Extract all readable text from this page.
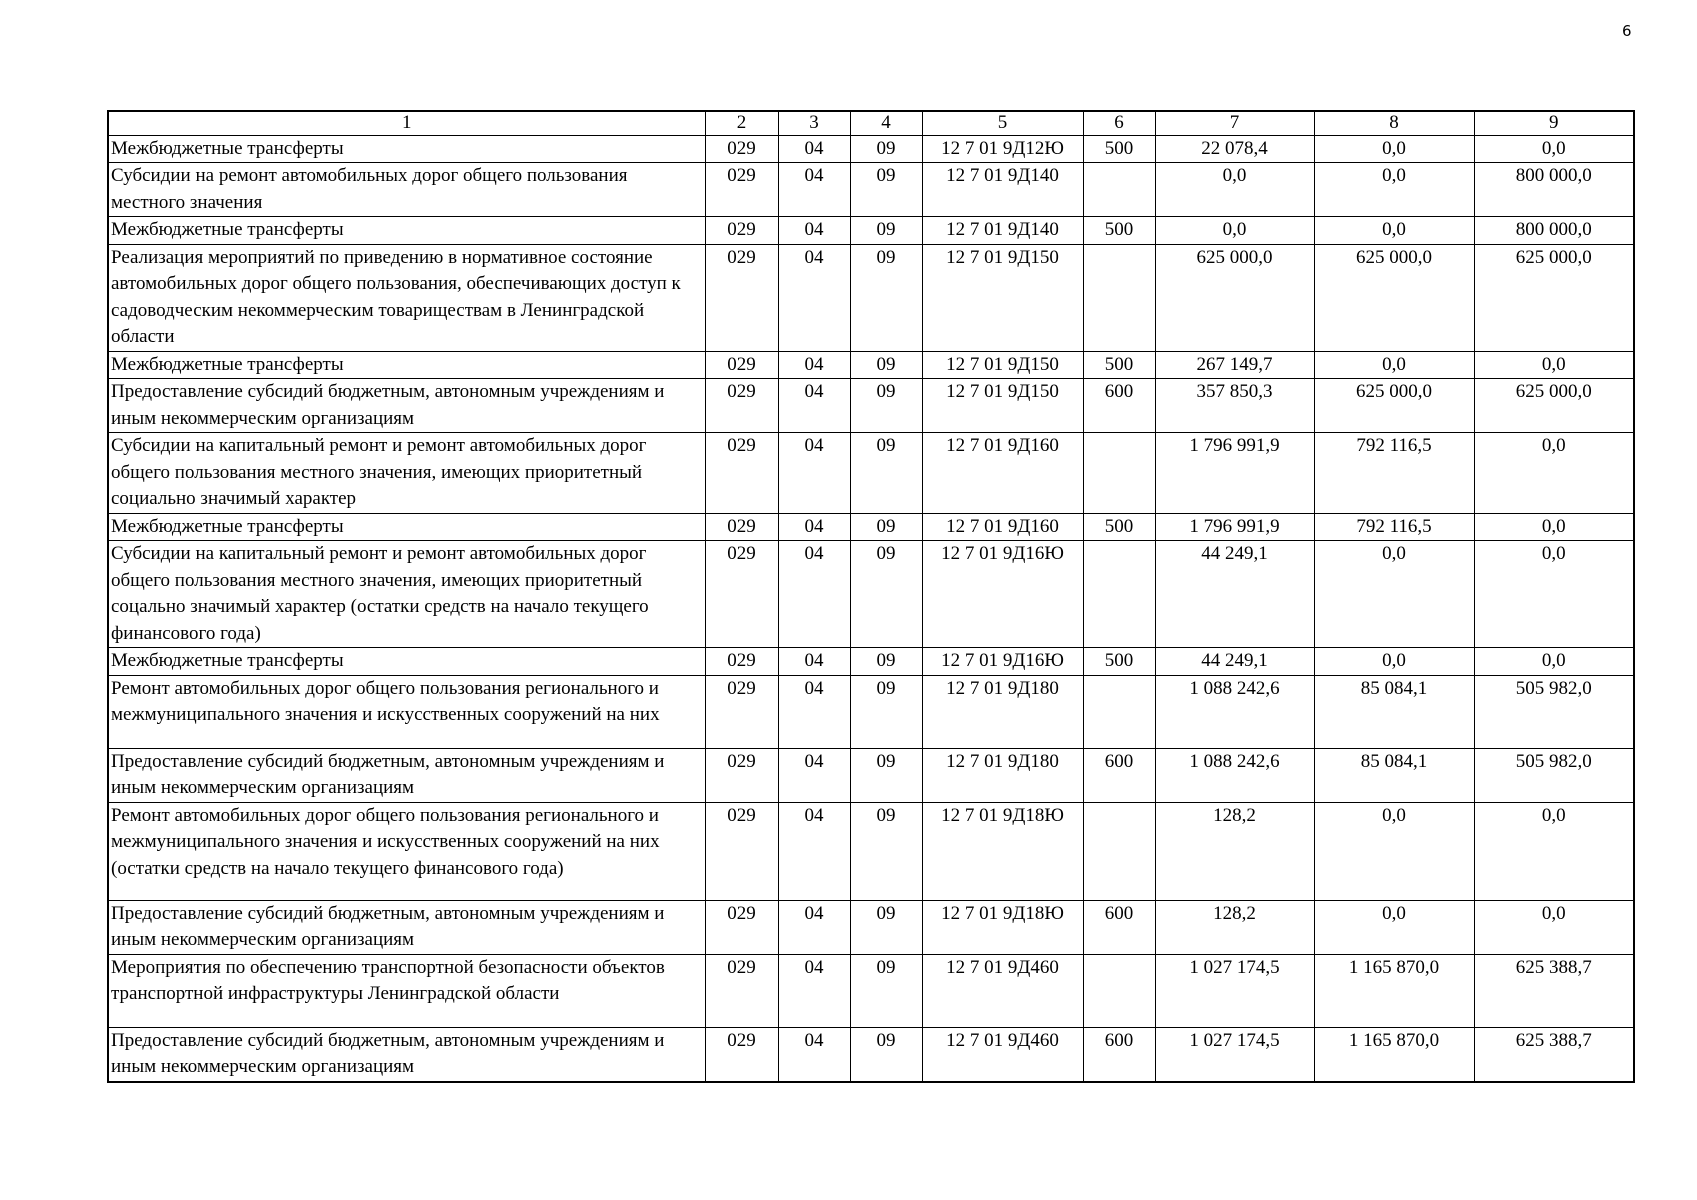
6
1	2	3	4	5	6	7	8	9
Межбюджетные трансферты	029	04	09	12 7 01 9Д12Ю	500	22 078,4	0,0	0,0
Субсидии на ремонт автомобильных дорог общего пользования местного значения	029	04	09	12 7 01 9Д140		0,0	0,0	800 000,0
Межбюджетные трансферты	029	04	09	12 7 01 9Д140	500	0,0	0,0	800 000,0
Реализация мероприятий по приведению в нормативное состояние автомобильных дорог общего пользования, обеспечивающих доступ к садоводческим некоммерческим товариществам в Ленинградской области	029	04	09	12 7 01 9Д150		625 000,0	625 000,0	625 000,0
Межбюджетные трансферты	029	04	09	12 7 01 9Д150	500	267 149,7	0,0	0,0
Предоставление субсидий бюджетным, автономным учреждениям и иным некоммерческим организациям	029	04	09	12 7 01 9Д150	600	357 850,3	625 000,0	625 000,0
Субсидии на капитальный ремонт и ремонт автомобильных дорог общего пользования местного значения, имеющих приоритетный социально значимый характер	029	04	09	12 7 01 9Д160		1 796 991,9	792 116,5	0,0
Межбюджетные трансферты	029	04	09	12 7 01 9Д160	500	1 796 991,9	792 116,5	0,0
Субсидии на капитальный ремонт и ремонт автомобильных дорог общего пользования местного значения, имеющих приоритетный соцально значимый характер (остатки средств на начало текущего финансового года)	029	04	09	12 7 01 9Д16Ю		44 249,1	0,0	0,0
Межбюджетные трансферты	029	04	09	12 7 01 9Д16Ю	500	44 249,1	0,0	0,0
Ремонт автомобильных дорог общего пользования регионального и межмуниципального значения и искусственных сооружений на них	029	04	09	12 7 01 9Д180		1 088 242,6	85 084,1	505 982,0
Предоставление субсидий бюджетным, автономным учреждениям и иным некоммерческим организациям	029	04	09	12 7 01 9Д180	600	1 088 242,6	85 084,1	505 982,0
Ремонт автомобильных дорог общего пользования регионального и межмуниципального значения и искусственных сооружений на них (остатки средств на начало текущего финансового года)	029	04	09	12 7 01 9Д18Ю		128,2	0,0	0,0
Предоставление субсидий бюджетным, автономным учреждениям и иным некоммерческим организациям	029	04	09	12 7 01 9Д18Ю	600	128,2	0,0	0,0
Мероприятия по обеспечению транспортной безопасности объектов транспортной инфраструктуры Ленинградской области	029	04	09	12 7 01 9Д460		1 027 174,5	1 165 870,0	625 388,7
Предоставление субсидий бюджетным, автономным учреждениям и иным некоммерческим организациям	029	04	09	12 7 01 9Д460	600	1 027 174,5	1 165 870,0	625 388,7
